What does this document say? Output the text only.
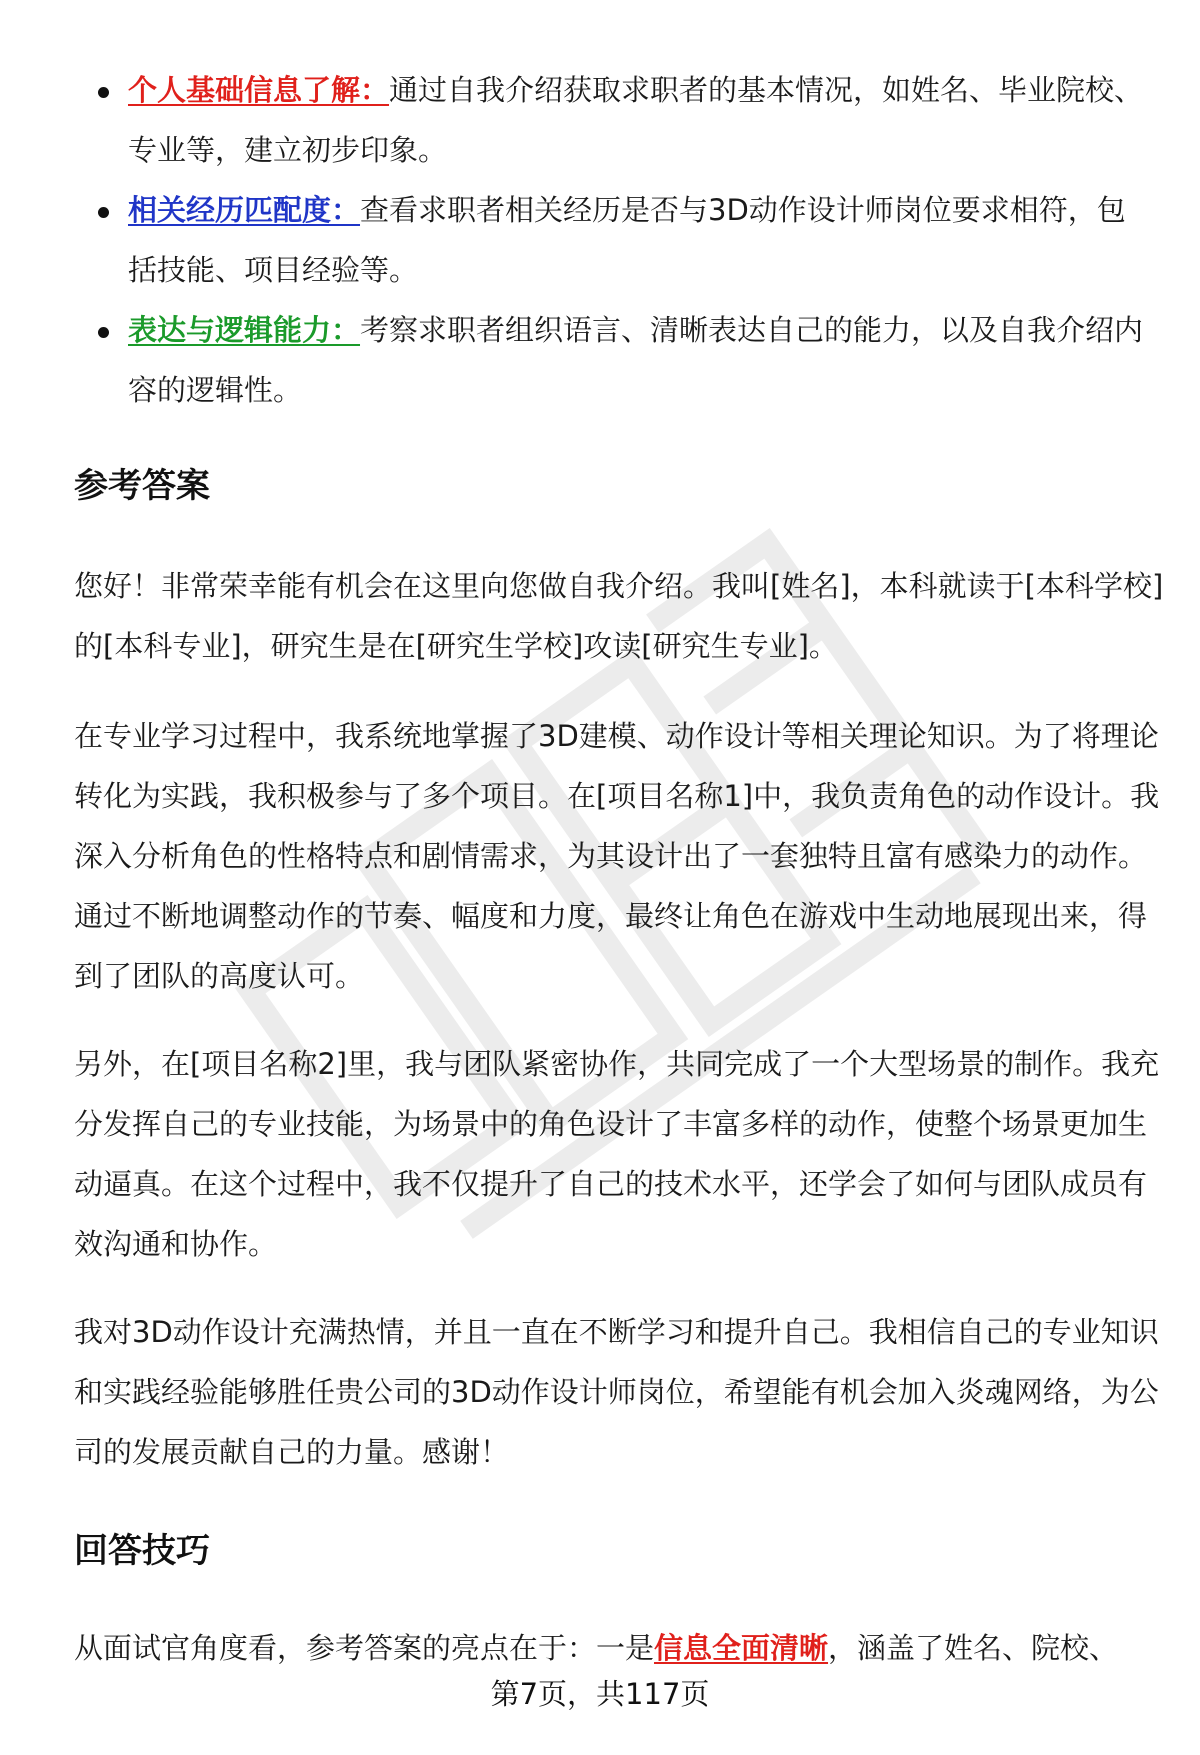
个人基础信息了解：通过自我介绍获取求职者的基本情况，如姓名、毕业院校、专业等，建立初步印象。
相关经历匹配度：查看求职者相关经历是否与3D动作设计师岗位要求相符，包括技能、项目经验等。
表达与逻辑能力：考察求职者组织语言、清晰表达自己的能力，以及自我介绍内容的逻辑性。
参考答案

您好！非常荣幸能有机会在这里向您做自我介绍。我叫[姓名]，本科就读于[本科学校]的[本科专业]，研究生是在[研究生学校]攻读[研究生专业]。

在专业学习过程中，我系统地掌握了3D建模、动作设计等相关理论知识。为了将理论转化为实践，我积极参与了多个项目。在[项目名称1]中，我负责角色的动作设计。我深入分析角色的性格特点和剧情需求，为其设计出了一套独特且富有感染力的动作。通过不断地调整动作的节奏、幅度和力度，最终让角色在游戏中生动地展现出来，得到了团队的高度认可。

另外，在[项目名称2]里，我与团队紧密协作，共同完成了一个大型场景的制作。我充分发挥自己的专业技能，为场景中的角色设计了丰富多样的动作，使整个场景更加生动逼真。在这个过程中，我不仅提升了自己的技术水平，还学会了如何与团队成员有效沟通和协作。

我对3D动作设计充满热情，并且一直在不断学习和提升自己。我相信自己的专业知识和实践经验能够胜任贵公司的3D动作设计师岗位，希望能有机会加入炎魂网络，为公司的发展贡献自己的力量。感谢！

回答技巧

从面试官角度看，参考答案的亮点在于：一是信息全面清晰，涵盖了姓名、院校、

第7页，共117页
